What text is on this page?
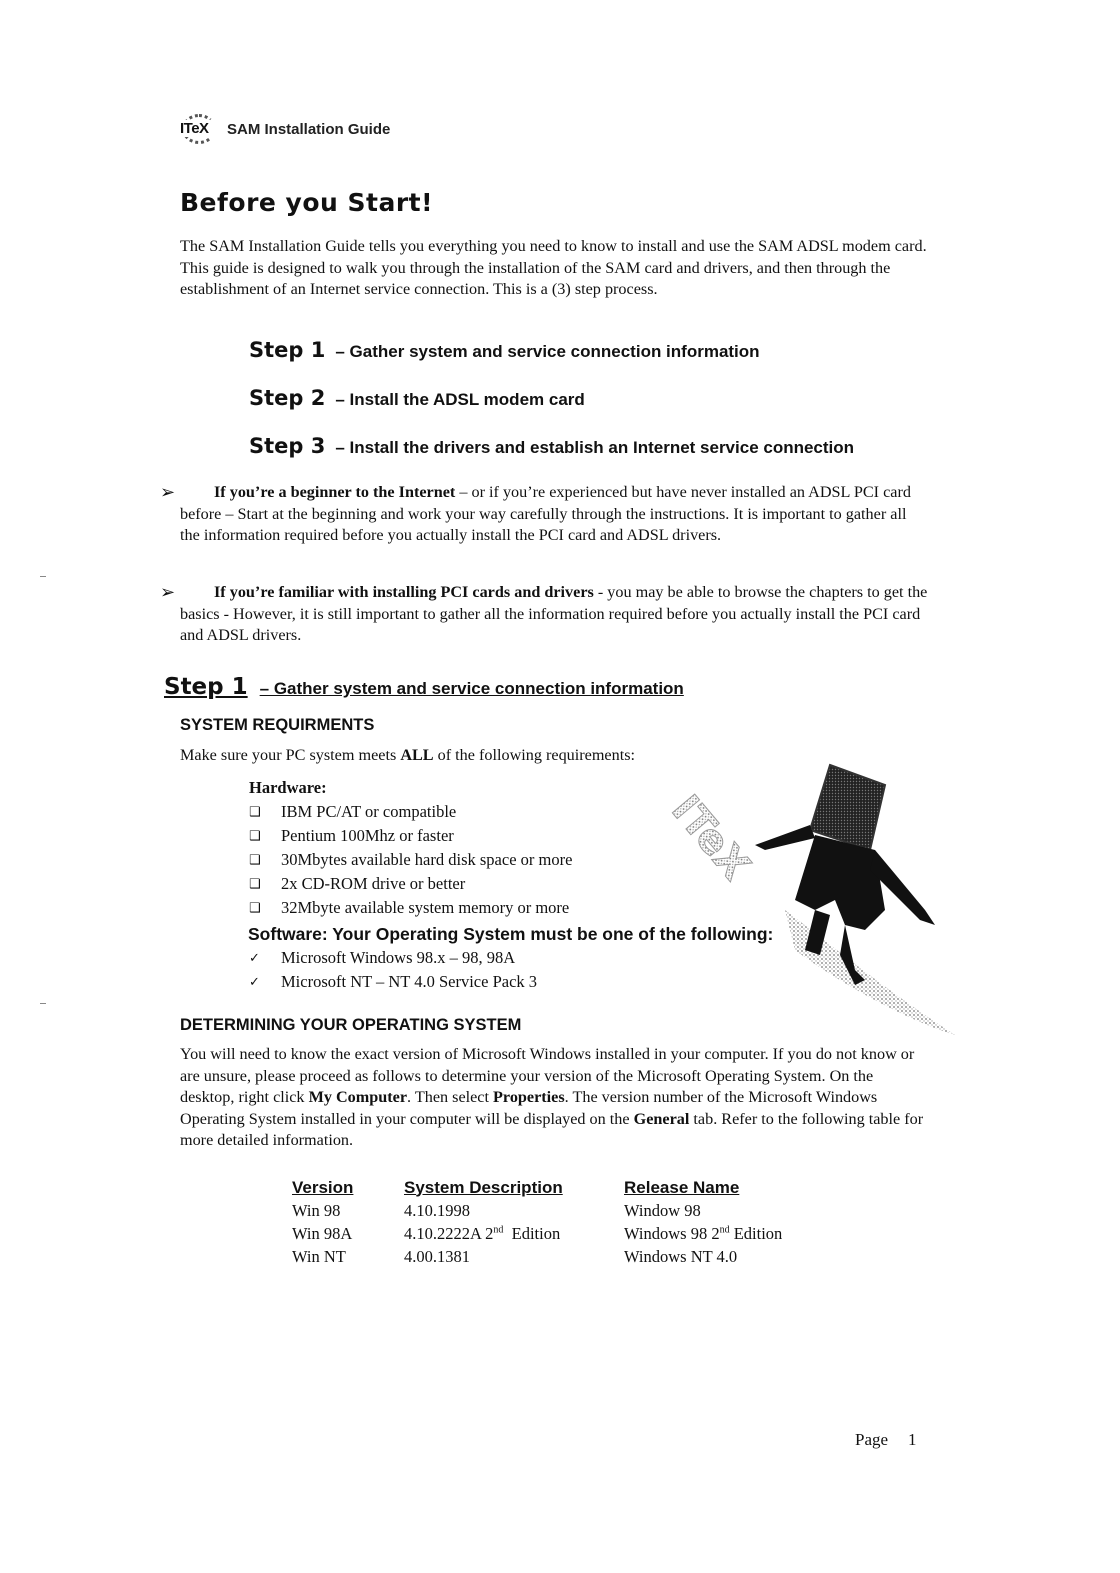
ITeX SAM Installation Guide
Before you Start!
The SAM Installation Guide tells you everything you need to know to install and use the SAM ADSL modem card. This guide is designed to walk you through the installation of the SAM card and drivers, and then through the establishment of an Internet service connection. This is a (3) step process.
Step 1 – Gather system and service connection information
Step 2 – Install the ADSL modem card
Step 3 – Install the drivers and establish an Internet service connection
➢	If you’re a beginner to the Internet – or if you’re experienced but have never installed an ADSL PCI card before – Start at the beginning and work your way carefully through the instructions. It is important to gather all the information required before you actually install the PCI card and ADSL drivers.
➢	If you’re familiar with installing PCI cards and drivers - you may be able to browse the chapters to get the basics - However, it is still important to gather all the information required before you actually install the PCI card and ADSL drivers.
Step 1 – Gather system and service connection information
SYSTEM REQUIRMENTS
Make sure your PC system meets ALL of the following requirements:
Hardware:
❑	IBM PC/AT or compatible
❑	Pentium 100Mhz or faster
❑	30Mbytes available hard disk space or more
❑	2x CD-ROM drive or better
❑	32Mbyte available system memory or more
Software: Your Operating System must be one of the following:
✓	Microsoft Windows 98.x – 98, 98A
✓	Microsoft NT – NT 4.0 Service Pack 3
ITeX
DETERMINING YOUR OPERATING SYSTEM
You will need to know the exact version of Microsoft Windows installed in your computer. If you do not know or are unsure, please proceed as follows to determine your version of the Microsoft Operating System. On the desktop, right click My Computer. Then select Properties. The version number of the Microsoft Windows Operating System installed in your computer will be displayed on the General tab. Refer to the following table for more detailed information.
Version	System Description	Release Name
Win 98	4.10.1998	Window 98
Win 98A	4.10.2222A 2nd  Edition	Windows 98 2nd Edition
Win NT	4.00.1381	Windows NT 4.0
Page 1
